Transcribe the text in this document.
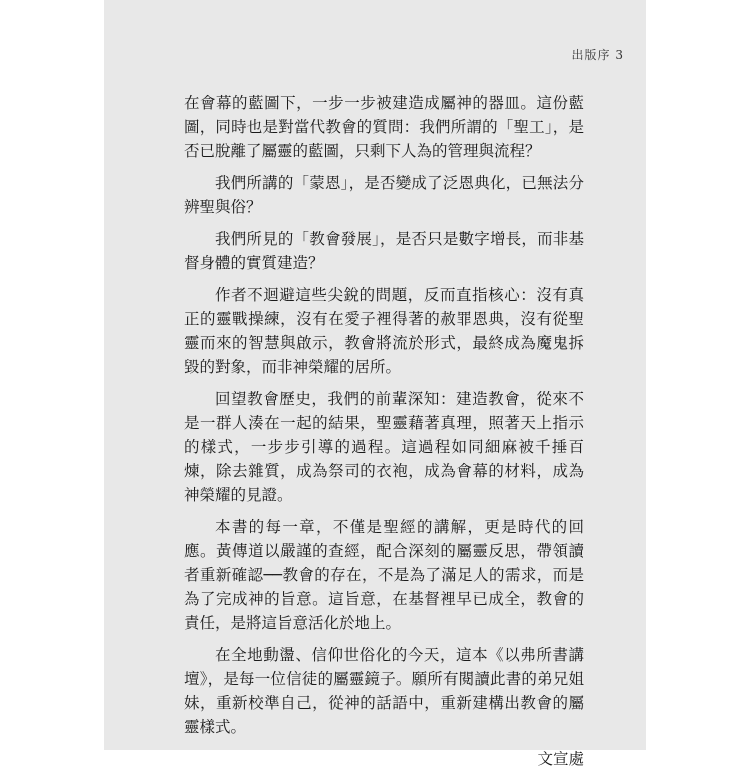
出版序 3

在會幕的藍圖下，一步一步被建造成屬神的器皿。這份藍圖，同時也是對當代教會的質問：我們所謂的「聖工」，是否已脫離了屬靈的藍圖，只剩下人為的管理與流程？

我們所講的「蒙恩」，是否變成了泛恩典化，已無法分辨聖與俗？

我們所見的「教會發展」，是否只是數字增長，而非基督身體的實質建造？

作者不迴避這些尖銳的問題，反而直指核心：沒有真正的靈戰操練，沒有在愛子裡得著的赦罪恩典，沒有從聖靈而來的智慧與啟示，教會將流於形式，最終成為魔鬼拆毀的對象，而非神榮耀的居所。

回望教會歷史，我們的前輩深知：建造教會，從來不是一群人湊在一起的結果，聖靈藉著真理，照著天上指示的樣式，一步步引導的過程。這過程如同細麻被千捶百煉，除去雜質，成為祭司的衣袍，成為會幕的材料，成為神榮耀的見證。

本書的每一章，不僅是聖經的講解，更是時代的回應。黃傳道以嚴謹的查經，配合深刻的屬靈反思，帶領讀者重新確認──教會的存在，不是為了滿足人的需求，而是為了完成神的旨意。這旨意，在基督裡早已成全，教會的責任，是將這旨意活化於地上。

在全地動盪、信仰世俗化的今天，這本《以弗所書講壇》，是每一位信徒的屬靈鏡子。願所有閱讀此書的弟兄姐妹，重新校準自己，從神的話語中，重新建構出教會的屬靈樣式。

文宣處
